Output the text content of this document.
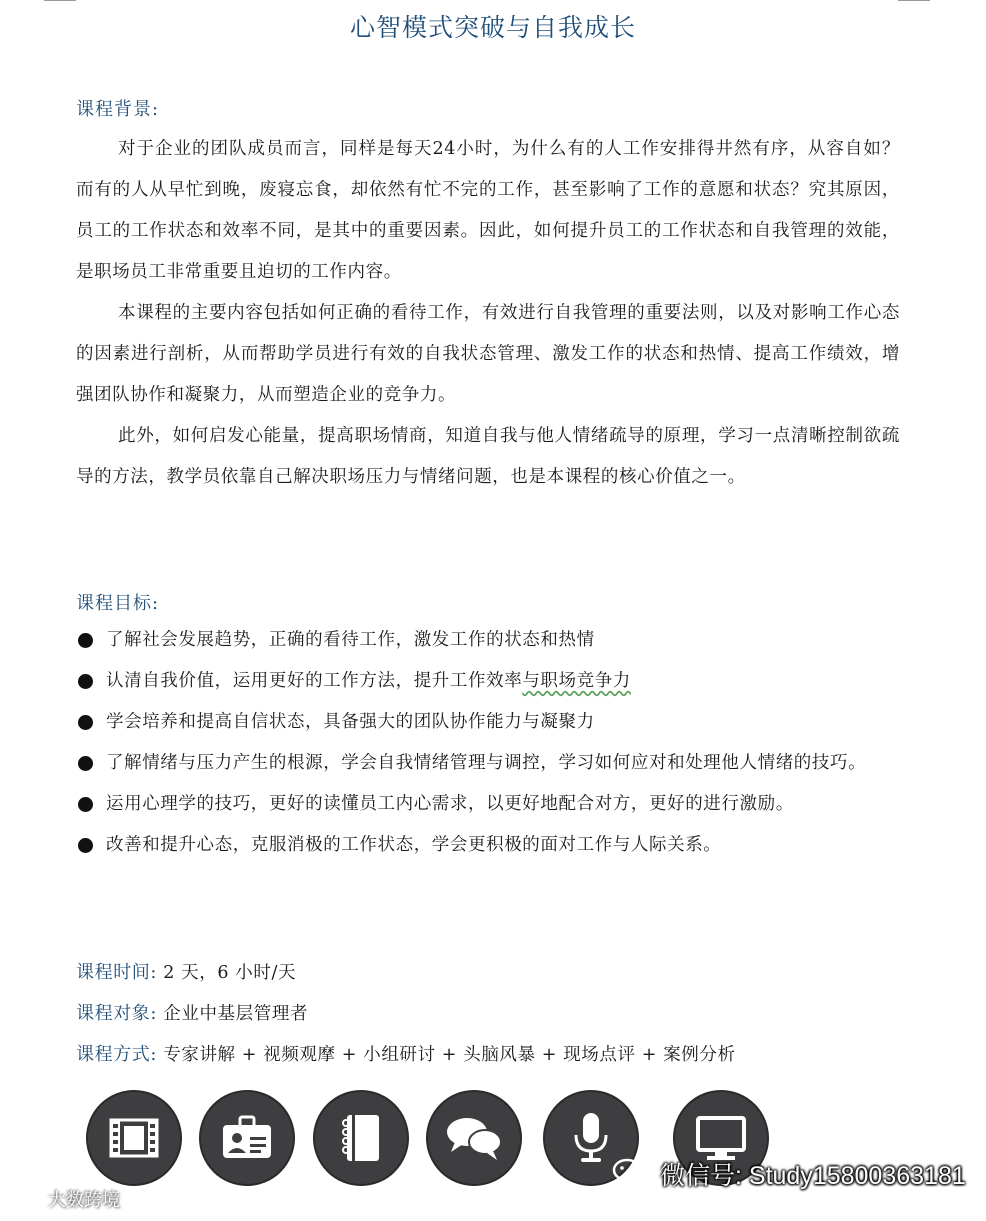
心智模式突破与自我成长
课程背景:

对于企业的团队成员而言，同样是每天24小时，为什么有的人工作安排得井然有序，从容自如？而有的人从早忙到晚，废寝忘食，却依然有忙不完的工作，甚至影响了工作的意愿和状态？究其原因，员工的工作状态和效率不同，是其中的重要因素。因此，如何提升员工的工作状态和自我管理的效能，是职场员工非常重要且迫切的工作内容。

本课程的主要内容包括如何正确的看待工作，有效进行自我管理的重要法则，以及对影响工作心态的因素进行剖析，从而帮助学员进行有效的自我状态管理、激发工作的状态和热情、提高工作绩效，增强团队协作和凝聚力，从而塑造企业的竞争力。

此外，如何启发心能量，提高职场情商，知道自我与他人情绪疏导的原理，学习一点清晰控制欲疏导的方法，教学员依靠自己解决职场压力与情绪问题，也是本课程的核心价值之一。

课程目标:
了解社会发展趋势，正确的看待工作，激发工作的状态和热情
认清自我价值，运用更好的工作方法，提升工作效率与职场竞争力
学会培养和提高自信状态，具备强大的团队协作能力与凝聚力
了解情绪与压力产生的根源，学会自我情绪管理与调控，学习如何应对和处理他人情绪的技巧。
运用心理学的技巧，更好的读懂员工内心需求，以更好地配合对方，更好的进行激励。
改善和提升心态，克服消极的工作状态，学会更积极的面对工作与人际关系。
课程时间: 2 天，6 小时/天
课程对象: 企业中基层管理者
课程方式: 专家讲解 + 视频观摩 + 小组研讨 + 头脑风暴 + 现场点评 + 案例分析
微信号: Study15800363181
大数跨境
